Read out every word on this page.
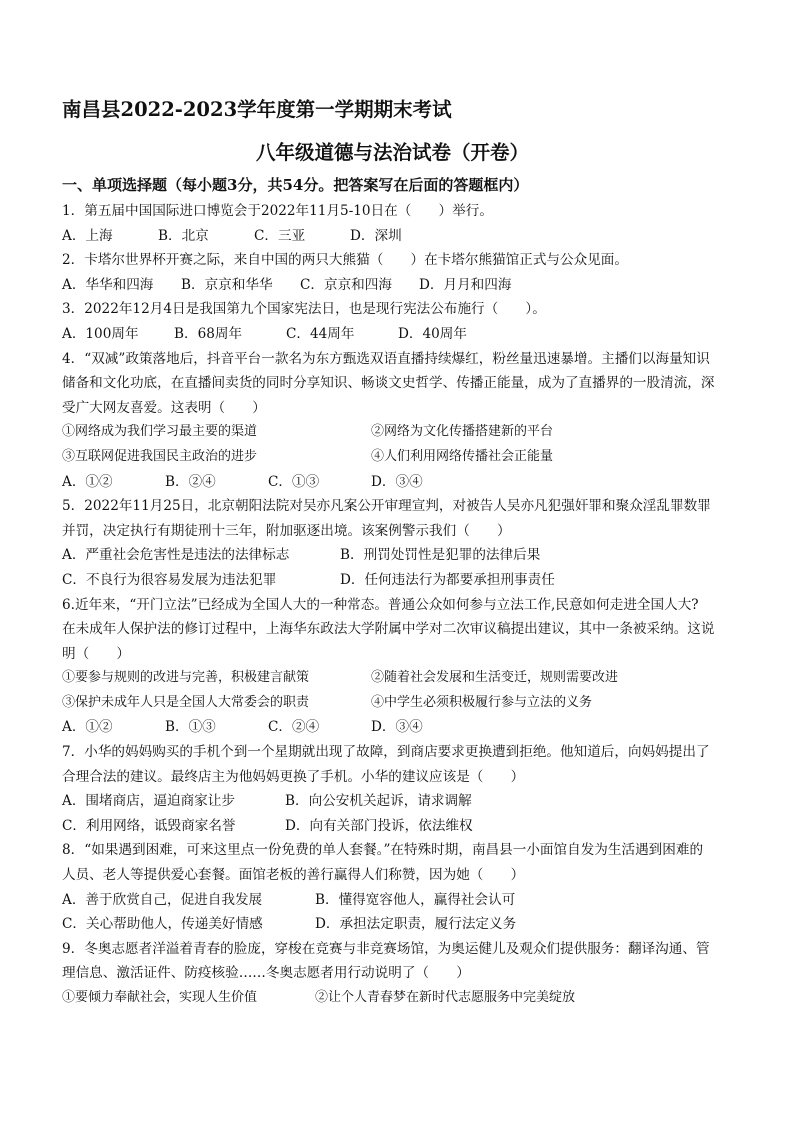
南昌县2022-2023学年度第一学期期末考试
八年级道德与法治试卷（开卷）
一、单项选择题（每小题3分，共54分。把答案写在后面的答题框内）
1．第五届中国国际进口博览会于2022年11月5-10日在（　　）举行。
A．上海	B．北京	C．三亚	D．深圳
2．卡塔尔世界杯开赛之际，来自中国的两只大熊猫（　　）在卡塔尔熊猫馆正式与公众见面。
A．华华和四海	B．京京和华华	C．京京和四海	D．月月和四海
3．2022年12月4日是我国第九个国家宪法日，也是现行宪法公布施行（　　）。
A．100周年	B．68周年	C．44周年	D．40周年
4．“双减”政策落地后，抖音平台一款名为东方甄选双语直播持续爆红，粉丝量迅速暴增。主播们以海量知识
储备和文化功底，在直播间卖货的同时分享知识、畅谈文史哲学、传播正能量，成为了直播界的一股清流，深
受广大网友喜爱。这表明（　　）
①网络成为我们学习最主要的渠道	②网络为文化传播搭建新的平台
③互联网促进我国民主政治的进步	④人们利用网络传播社会正能量
A．①②	B．②④	C．①③	D．③④
5．2022年11月25日，北京朝阳法院对吴亦凡案公开审理宣判，对被告人吴亦凡犯强奸罪和聚众淫乱罪数罪
并罚，决定执行有期徒刑十三年，附加驱逐出境。该案例警示我们（　　）
A．严重社会危害性是违法的法律标志	B．刑罚处罚性是犯罪的法律后果
C．不良行为很容易发展为违法犯罪	D．任何违法行为都要承担刑事责任
6.近年来，“开门立法”已经成为全国人大的一种常态。普通公众如何参与立法工作,民意如何走进全国人大?
在未成年人保护法的修订过程中，上海华东政法大学附属中学对二次审议稿提出建议，其中一条被采纳。这说
明（　　）
①要参与规则的改进与完善，积极建言献策	②随着社会发展和生活变迁，规则需要改进
③保护未成年人只是全国人大常委会的职责	④中学生必须积极履行参与立法的义务
A．①②	B．①③	C．②④	D．③④
7．小华的妈妈购买的手机个到一个星期就出现了故障，到商店要求更换遭到拒绝。他知道后，向妈妈提出了
合理合法的建议。最终店主为他妈妈更换了手机。小华的建议应该是（　　）
A．围堵商店，逼迫商家让步	B．向公安机关起诉，请求调解
C．利用网络，诋毁商家名誉	D．向有关部门投诉，依法维权
8．“如果遇到困难，可来这里点一份免费的单人套餐。”在特殊时期，南昌县一小面馆自发为生活遇到困难的
人员、老人等提供爱心套餐。面馆老板的善行赢得人们称赞，因为她（　　）
A．善于欣赏自己，促进自我发展	B．懂得宽容他人，赢得社会认可
C．关心帮助他人，传递美好情感	D．承担法定职责，履行法定义务
9．冬奥志愿者洋溢着青春的脸庞，穿梭在竞赛与非竞赛场馆，为奥运健儿及观众们提供服务：翻译沟通、管
理信息、激活证件、防疫核验……冬奥志愿者用行动说明了（　　）
①要倾力奉献社会，实现人生价值	②让个人青春梦在新时代志愿服务中完美绽放
